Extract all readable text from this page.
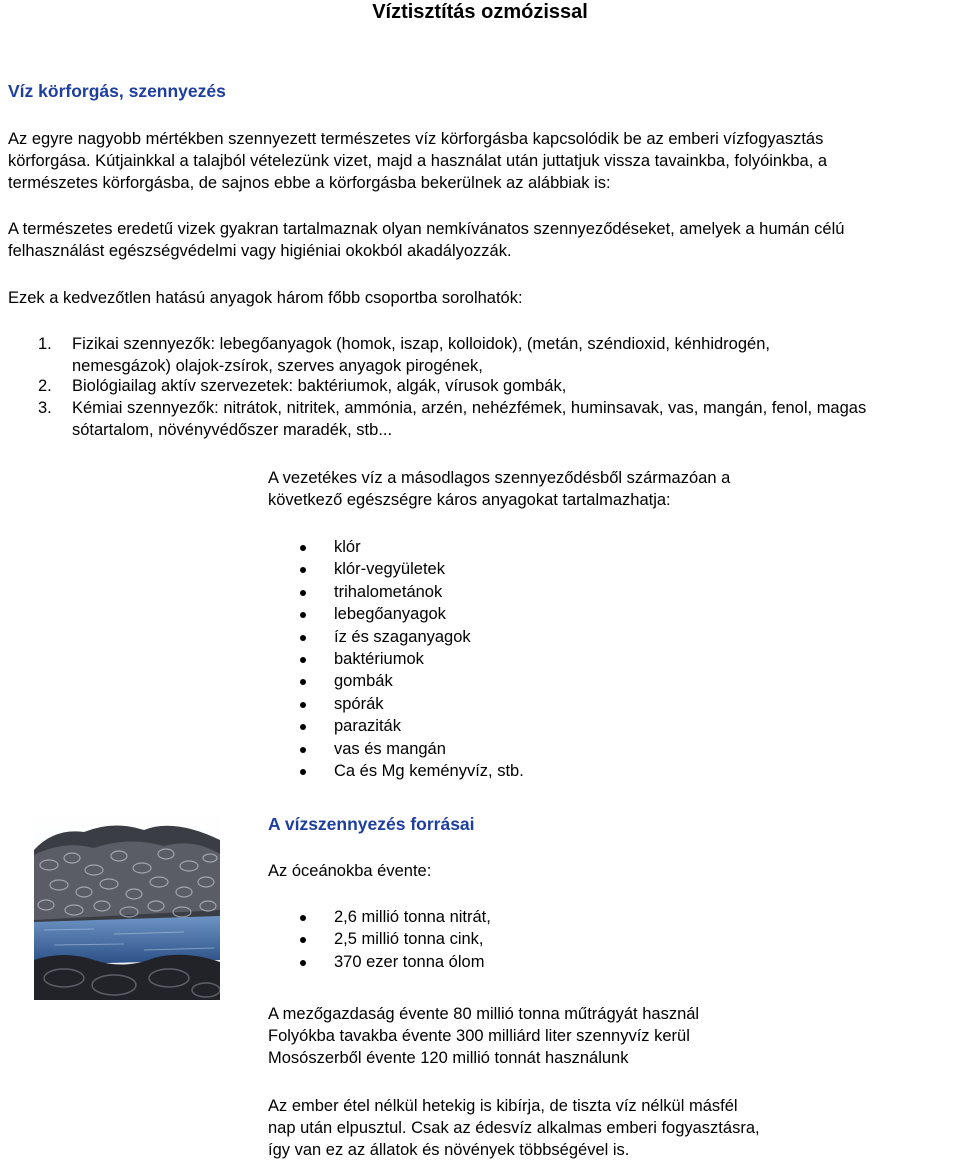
Víztisztítás ozmózissal
Víz körforgás, szennyezés
Az egyre nagyobb mértékben szennyezett természetes víz körforgásba kapcsolódik be az emberi vízfogyasztás
körforgása. Kútjainkkal a talajból vételezünk vizet, majd a használat után juttatjuk vissza tavainkba, folyóinkba, a
természetes körforgásba, de sajnos ebbe a körforgásba bekerülnek az alábbiak is:
A természetes eredetű vizek gyakran tartalmaznak olyan nemkívánatos szennyeződéseket, amelyek a humán célú
felhasználást egészségvédelmi vagy higiéniai okokból akadályozzák.
Ezek a kedvezőtlen hatású anyagok három főbb csoportba sorolhatók:
1. Fizikai szennyezők: lebegőanyagok (homok, iszap, kolloidok), (metán, széndioxid, kénhidrogén,
nemesgázok) olajok-zsírok, szerves anyagok pirogének,
2. Biológiailag aktív szervezetek: baktériumok, algák, vírusok gombák,
3. Kémiai szennyezők: nitrátok, nitritek, ammónia, arzén, nehézfémek, huminsavak, vas, mangán, fenol, magas
sótartalom, növényvédőszer maradék, stb...
A vezetékes víz a másodlagos szennyeződésből származóan a
következő egészségre káros anyagokat tartalmazhatja:
klór
klór-vegyületek
trihalometánok
lebegőanyagok
íz és szaganyagok
baktériumok
gombák
spórák
paraziták
vas és mangán
Ca és Mg keményvíz, stb.
A vízszennyezés forrásai
Az óceánokba évente:
2,6 millió tonna nitrát,
2,5 millió tonna cink,
370 ezer tonna ólom
A mezőgazdaság évente 80 millió tonna műtrágyát használ
Folyókba tavakba évente 300 milliárd liter szennyvíz kerül
Mosószerből évente 120 millió tonnát használunk
Az ember étel nélkül hetekig is kibírja, de tiszta víz nélkül másfél
nap után elpusztul. Csak az édesvíz alkalmas emberi fogyasztásra,
így van ez az állatok és növények többségével is.
